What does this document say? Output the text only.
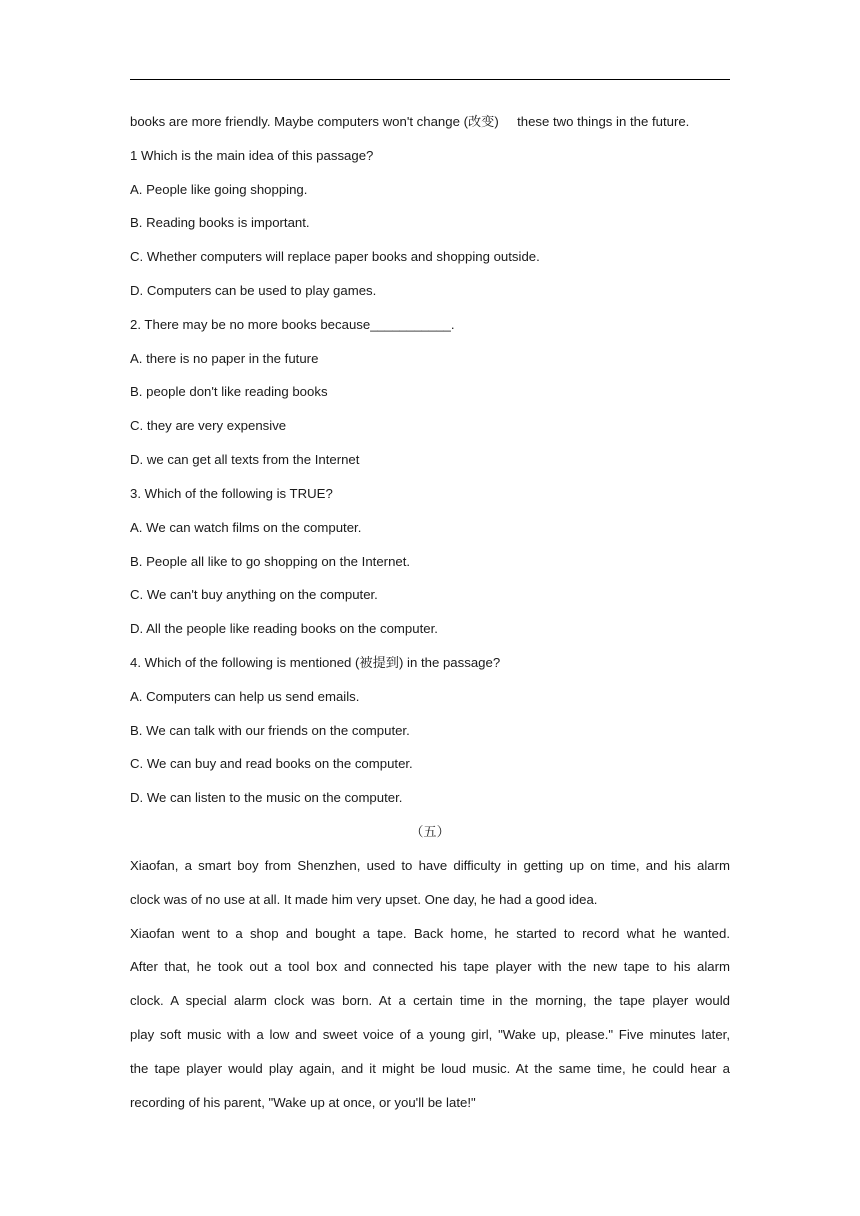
books are more friendly. Maybe computers won't change (改变)     these two things in the future.
1 Which is the main idea of this passage?
A. People like going shopping.
B. Reading books is important.
C. Whether computers will replace paper books and shopping outside.
D. Computers can be used to play games.
2. There may be no more books because___________.
A. there is no paper in the future
B. people don't like reading books
C. they are very expensive
D. we can get all texts from the Internet
3. Which of the following is TRUE?
A. We can watch films on the computer.
B. People all like to go shopping on the Internet.
C. We can't buy anything on the computer.
D. All the people like reading books on the computer.
4. Which of the following is mentioned (被提到) in the passage?
A. Computers can help us send emails.
B. We can talk with our friends on the computer.
C. We can buy and read books on the computer.
D. We can listen to the music on the computer.
（五）
Xiaofan, a smart boy from Shenzhen, used to have difficulty in getting up on time, and his alarm
clock was of no use at all. It made him very upset. One day, he had a good idea.
Xiaofan went to a shop and bought a tape. Back home, he started to record what he wanted.
After that, he took out a tool box and connected his tape player with the new tape to his alarm
clock. A special alarm clock was born. At a certain time in the morning, the tape player would
play soft music with a low and sweet voice of a young girl, "Wake up, please." Five minutes later,
the tape player would play again, and it might be loud music. At the same time, he could hear a
recording of his parent, "Wake up at once, or you'll be late!"
